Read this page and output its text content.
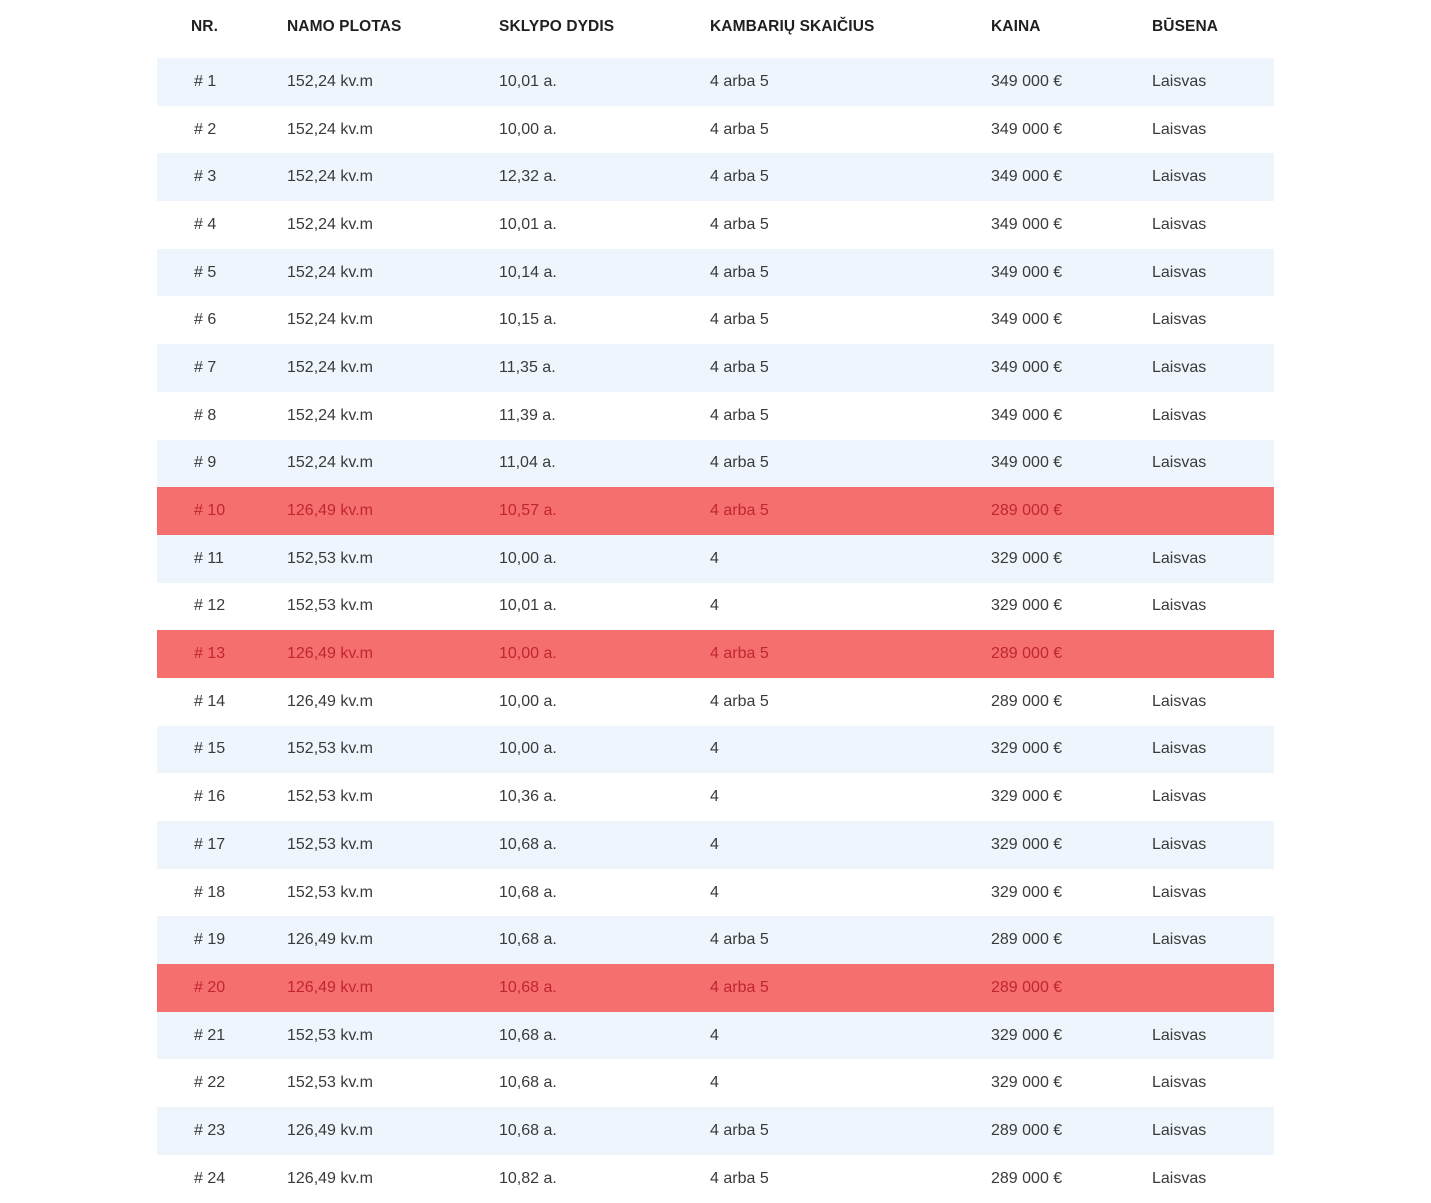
NR.	NAMO PLOTAS	SKLYPO DYDIS	KAMBARIŲ SKAIČIUS	KAINA	BŪSENA
# 1	152,24 kv.m	10,01 a.	4 arba 5	349 000 €	Laisvas
# 2	152,24 kv.m	10,00 a.	4 arba 5	349 000 €	Laisvas
# 3	152,24 kv.m	12,32 a.	4 arba 5	349 000 €	Laisvas
# 4	152,24 kv.m	10,01 a.	4 arba 5	349 000 €	Laisvas
# 5	152,24 kv.m	10,14 a.	4 arba 5	349 000 €	Laisvas
# 6	152,24 kv.m	10,15 a.	4 arba 5	349 000 €	Laisvas
# 7	152,24 kv.m	11,35 a.	4 arba 5	349 000 €	Laisvas
# 8	152,24 kv.m	11,39 a.	4 arba 5	349 000 €	Laisvas
# 9	152,24 kv.m	11,04 a.	4 arba 5	349 000 €	Laisvas
# 10	126,49 kv.m	10,57 a.	4 arba 5	289 000 €
# 11	152,53 kv.m	10,00 a.	4	329 000 €	Laisvas
# 12	152,53 kv.m	10,01 a.	4	329 000 €	Laisvas
# 13	126,49 kv.m	10,00 a.	4 arba 5	289 000 €
# 14	126,49 kv.m	10,00 a.	4 arba 5	289 000 €	Laisvas
# 15	152,53 kv.m	10,00 a.	4	329 000 €	Laisvas
# 16	152,53 kv.m	10,36 a.	4	329 000 €	Laisvas
# 17	152,53 kv.m	10,68 a.	4	329 000 €	Laisvas
# 18	152,53 kv.m	10,68 a.	4	329 000 €	Laisvas
# 19	126,49 kv.m	10,68 a.	4 arba 5	289 000 €	Laisvas
# 20	126,49 kv.m	10,68 a.	4 arba 5	289 000 €
# 21	152,53 kv.m	10,68 a.	4	329 000 €	Laisvas
# 22	152,53 kv.m	10,68 a.	4	329 000 €	Laisvas
# 23	126,49 kv.m	10,68 a.	4 arba 5	289 000 €	Laisvas
# 24	126,49 kv.m	10,82 a.	4 arba 5	289 000 €	Laisvas
